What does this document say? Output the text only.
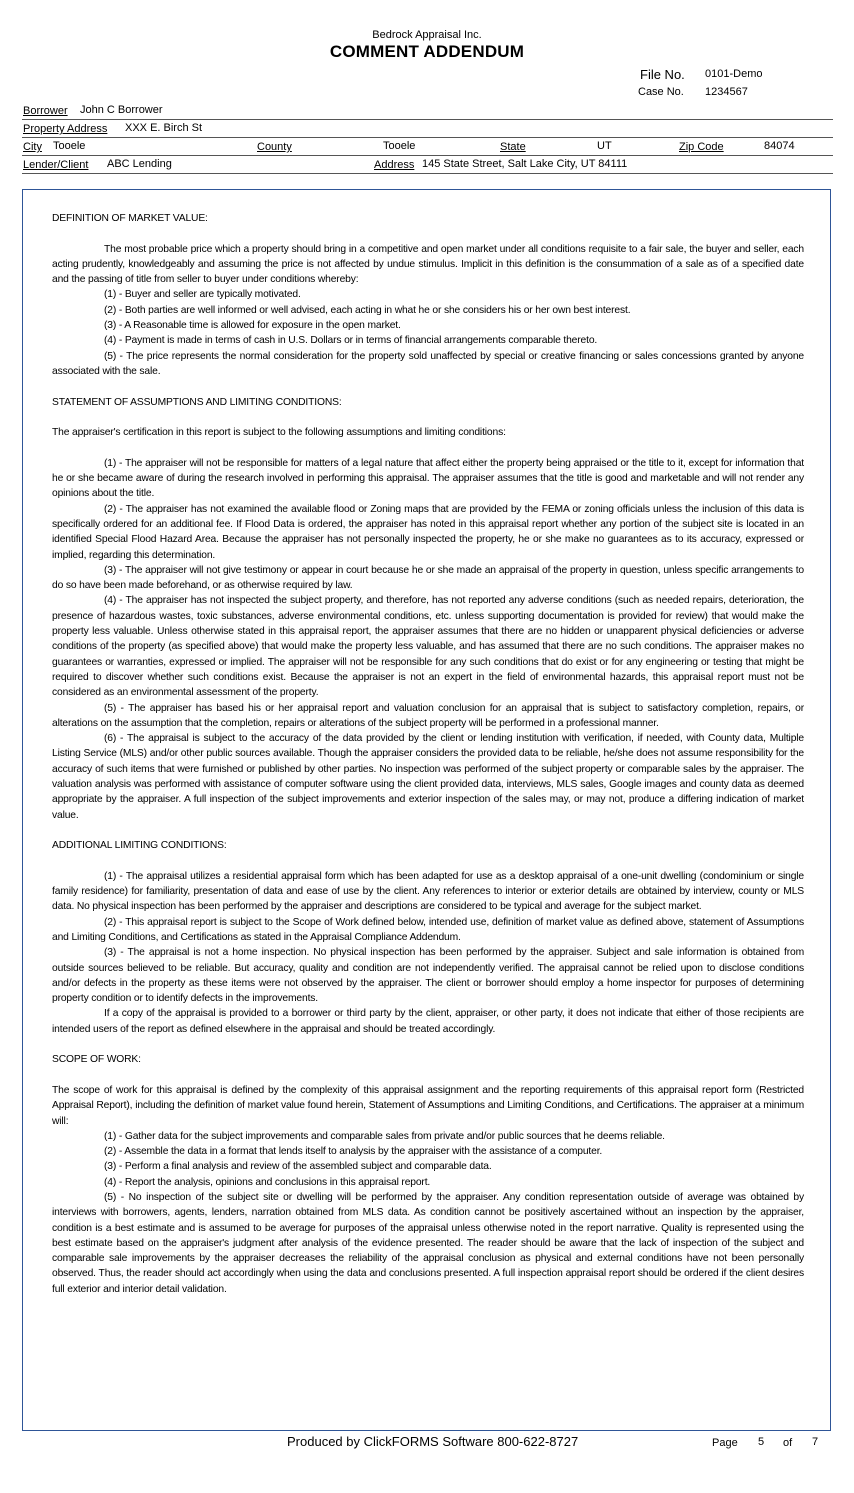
Bedrock Appraisal Inc.
COMMENT ADDENDUM
File No. 0101-Demo
Case No. 1234567
Borrower John C Borrower
Property Address XXX E. Birch St
City Tooele	County	Tooele	State	UT	Zip Code	84074
Lender/Client ABC Lending	Address 145 State Street, Salt Lake City, UT 84111

DEFINITION OF MARKET VALUE:

The most probable price which a property should bring in a competitive and open market under all conditions requisite to a fair sale, the buyer and seller, each acting prudently, knowledgeably and assuming the price is not affected by undue stimulus. Implicit in this definition is the consummation of a sale as of a specified date and the passing of title from seller to buyer under conditions whereby:

(1) - Buyer and seller are typically motivated.

(2) - Both parties are well informed or well advised, each acting in what he or she considers his or her own best interest.

(3) - A Reasonable time is allowed for exposure in the open market.

(4) - Payment is made in terms of cash in U.S. Dollars or in terms of financial arrangements comparable thereto.

(5) - The price represents the normal consideration for the property sold unaffected by special or creative financing or sales concessions granted by anyone associated with the sale.

STATEMENT OF ASSUMPTIONS AND LIMITING CONDITIONS:

The appraiser's certification in this report is subject to the following assumptions and limiting conditions:

(1) - The appraiser will not be responsible for matters of a legal nature that affect either the property being appraised or the title to it, except for information that he or she became aware of during the research involved in performing this appraisal. The appraiser assumes that the title is good and marketable and will not render any opinions about the title.

(2) - The appraiser has not examined the available flood or Zoning maps that are provided by the FEMA or zoning officials unless the inclusion of this data is specifically ordered for an additional fee. If Flood Data is ordered, the appraiser has noted in this appraisal report whether any portion of the subject site is located in an identified Special Flood Hazard Area. Because the appraiser has not personally inspected the property, he or she make no guarantees as to its accuracy, expressed or implied, regarding this determination.

(3) - The appraiser will not give testimony or appear in court because he or she made an appraisal of the property in question, unless specific arrangements to do so have been made beforehand, or as otherwise required by law.

(4) - The appraiser has not inspected the subject property, and therefore, has not reported any adverse conditions (such as needed repairs, deterioration, the presence of hazardous wastes, toxic substances, adverse environmental conditions, etc. unless supporting documentation is provided for review) that would make the property less valuable. Unless otherwise stated in this appraisal report, the appraiser assumes that there are no hidden or unapparent physical deficiencies or adverse conditions of the property (as specified above) that would make the property less valuable, and has assumed that there are no such conditions. The appraiser makes no guarantees or warranties, expressed or implied. The appraiser will not be responsible for any such conditions that do exist or for any engineering or testing that might be required to discover whether such conditions exist. Because the appraiser is not an expert in the field of environmental hazards, this appraisal report must not be considered as an environmental assessment of the property.

(5) - The appraiser has based his or her appraisal report and valuation conclusion for an appraisal that is subject to satisfactory completion, repairs, or alterations on the assumption that the completion, repairs or alterations of the subject property will be performed in a professional manner.

(6) - The appraisal is subject to the accuracy of the data provided by the client or lending institution with verification, if needed, with County data, Multiple Listing Service (MLS) and/or other public sources available. Though the appraiser considers the provided data to be reliable, he/she does not assume responsibility for the accuracy of such items that were furnished or published by other parties. No inspection was performed of the subject property or comparable sales by the appraiser. The valuation analysis was performed with assistance of computer software using the client provided data, interviews, MLS sales, Google images and county data as deemed appropriate by the appraiser. A full inspection of the subject improvements and exterior inspection of the sales may, or may not, produce a differing indication of market value.

ADDITIONAL LIMITING CONDITIONS:

(1) - The appraisal utilizes a residential appraisal form which has been adapted for use as a desktop appraisal of a one-unit dwelling (condominium or single family residence) for familiarity, presentation of data and ease of use by the client. Any references to interior or exterior details are obtained by interview, county or MLS data. No physical inspection has been performed by the appraiser and descriptions are considered to be typical and average for the subject market.

(2) - This appraisal report is subject to the Scope of Work defined below, intended use, definition of market value as defined above, statement of Assumptions and Limiting Conditions, and Certifications as stated in the Appraisal Compliance Addendum.

(3) - The appraisal is not a home inspection. No physical inspection has been performed by the appraiser. Subject and sale information is obtained from outside sources believed to be reliable. But accuracy, quality and condition are not independently verified. The appraisal cannot be relied upon to disclose conditions and/or defects in the property as these items were not observed by the appraiser. The client or borrower should employ a home inspector for purposes of determining property condition or to identify defects in the improvements.

If a copy of the appraisal is provided to a borrower or third party by the client, appraiser, or other party, it does not indicate that either of those recipients are intended users of the report as defined elsewhere in the appraisal and should be treated accordingly.

SCOPE OF WORK:

The scope of work for this appraisal is defined by the complexity of this appraisal assignment and the reporting requirements of this appraisal report form (Restricted Appraisal Report), including the definition of market value found herein, Statement of Assumptions and Limiting Conditions, and Certifications. The appraiser at a minimum will:

(1) - Gather data for the subject improvements and comparable sales from private and/or public sources that he deems reliable.

(2) - Assemble the data in a format that lends itself to analysis by the appraiser with the assistance of a computer.

(3) - Perform a final analysis and review of the assembled subject and comparable data.

(4) - Report the analysis, opinions and conclusions in this appraisal report.

(5) - No inspection of the subject site or dwelling will be performed by the appraiser. Any condition representation outside of average was obtained by interviews with borrowers, agents, lenders, narration obtained from MLS data. As condition cannot be positively ascertained without an inspection by the appraiser, condition is a best estimate and is assumed to be average for purposes of the appraisal unless otherwise noted in the report narrative. Quality is represented using the best estimate based on the appraiser's judgment after analysis of the evidence presented. The reader should be aware that the lack of inspection of the subject and comparable sale improvements by the appraiser decreases the reliability of the appraisal conclusion as physical and external conditions have not been personally observed. Thus, the reader should act accordingly when using the data and conclusions presented. A full inspection appraisal report should be ordered if the client desires full exterior and interior detail validation.

Produced by ClickFORMS Software 800-622-8727	Page 5 of 7
